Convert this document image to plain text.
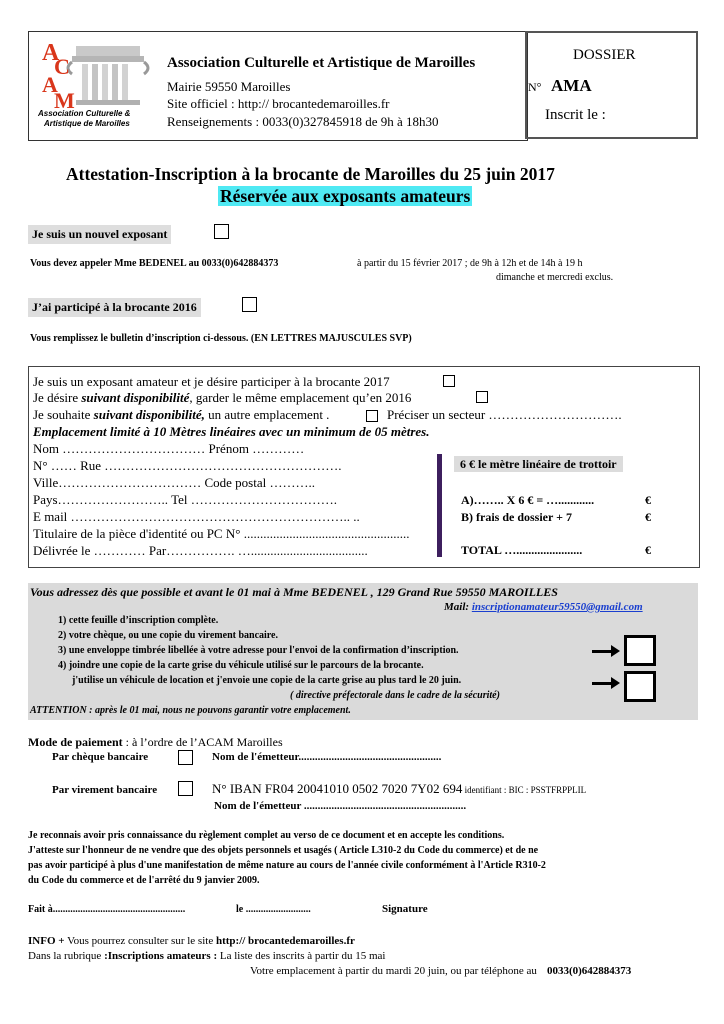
A
C
A
M
Association Culturelle &
Artistique de Maroilles
Association Culturelle et Artistique de Maroilles
Mairie 59550 Maroilles
Site officiel : http:// brocantedemaroilles.fr
Renseignements : 0033(0)327845918 de 9h à 18h30
DOSSIER
N° AMA
Inscrit le :
Attestation-Inscription à la brocante de Maroilles du 25 juin 2017
Réservée aux exposants amateurs
Je suis un nouvel exposant
Vous devez appeler Mme BEDENEL au 0033(0)642884373	à partir du 15 février 2017 ; de 9h à 12h et de 14h à 19 h
dimanche et mercredi exclus.
J’ai participé à la brocante 2016
Vous remplissez le bulletin d’inscription ci-dessous. (EN LETTRES MAJUSCULES SVP)
Je suis un exposant amateur et je désire participer à la brocante 2017
Je désire suivant disponibilité, garder le même emplacement qu’en 2016
Je souhaite suivant disponibilité, un autre emplacement .	Préciser un secteur ………………………….
Emplacement limité à 10 Mètres linéaires avec un minimum de 05 mètres.
Nom …………………………… Prénom …………
N° …… Rue ……………………………………………….
Ville…………………………… Code postal ………..
Pays…………………….. Tel …………………………….
E mail ……………………………………………………….. ..
Titulaire de la pièce d'identité ou PC N° ...................................................
Délivrée le ………… Par……………. …....................................
6 € le mètre linéaire de trottoir
A)…….. X 6 € = …............	€
B) frais de dossier + 7	€
TOTAL …......................	€
Vous adressez dès que possible et avant le 01 mai à Mme BEDENEL , 129 Grand Rue 59550 MAROILLES
Mail: inscriptionamateur59550@gmail.com
1) cette feuille d’inscription complète.
2) votre chèque, ou une copie du virement bancaire.
3) une enveloppe timbrée libellée à votre adresse pour l'envoi de la confirmation d’inscription.
4) joindre une copie de la carte grise du véhicule utilisé sur le parcours de la brocante.
j'utilise un véhicule de location et j'envoie une copie de la carte grise au plus tard le 20 juin.
( directive préfectorale dans le cadre de la sécurité)
ATTENTION : après le 01 mai, nous ne pouvons garantir votre emplacement.
Mode de paiement : à l’ordre de l’ACAM Maroilles
Par chèque bancaire	Nom de l'émetteur....................................................
Par virement bancaire	N° IBAN FR04 20041010 0502 7020 7Y02 694 identifiant : BIC : PSSTFRPPLIL
Nom de l'émetteur ...........................................................
Je reconnais avoir pris connaissance du règlement complet au verso de ce document et en accepte les conditions.
J'atteste sur l'honneur de ne vendre que des objets personnels et usagés ( Article L310-2 du Code du commerce) et de ne
pas avoir participé à plus d'une manifestation de même nature au cours de l'année civile conformément à l'Article R310-2
du Code du commerce et de l'arrêté du 9 janvier 2009.
Fait à.....................................................	le ..........................	Signature
INFO + Vous pourrez consulter sur le site http:// brocantedemaroilles.fr
Dans la rubrique :Inscriptions amateurs : La liste des inscrits à partir du 15 mai
Votre emplacement à partir du mardi 20 juin, ou par téléphone au 0033(0)642884373
